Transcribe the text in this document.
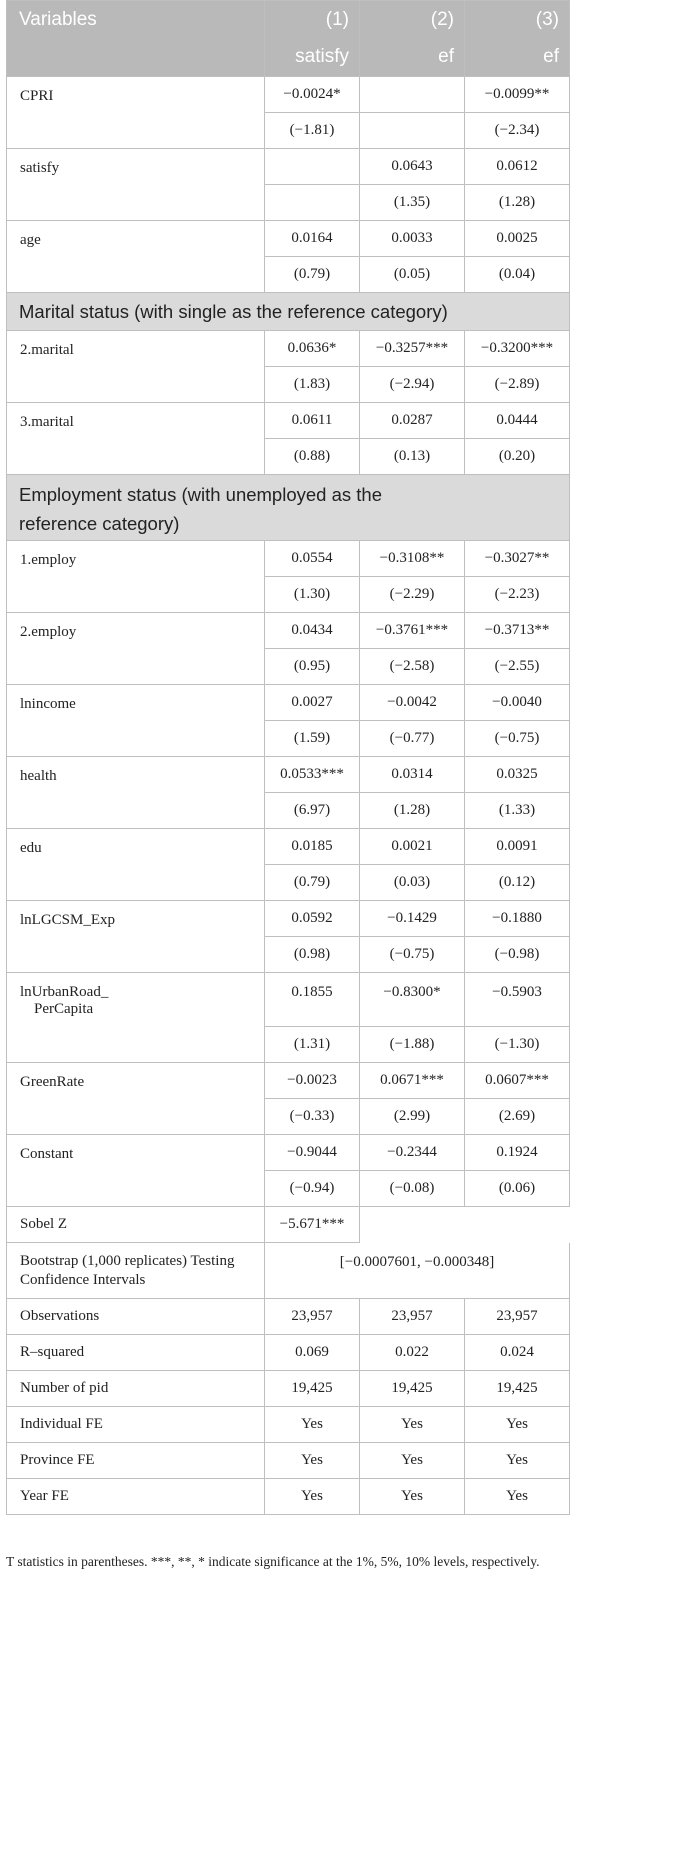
Variables	(1)	(2)	(3)
	satisfy	ef	ef
CPRI	−0.0024*		−0.0099**
	(−1.81)		(−2.34)
satisfy		0.0643	0.0612
		(1.35)	(1.28)
age	0.0164	0.0033	0.0025
	(0.79)	(0.05)	(0.04)
Marital status (with single as the reference category)			
2.marital	0.0636*	−0.3257***	−0.3200***
	(1.83)	(−2.94)	(−2.89)
3.marital	0.0611	0.0287	0.0444
	(0.88)	(0.13)	(0.20)
Employment status (with unemployed as the
reference category)			
1.employ	0.0554	−0.3108**	−0.3027**
	(1.30)	(−2.29)	(−2.23)
2.employ	0.0434	−0.3761***	−0.3713**
	(0.95)	(−2.58)	(−2.55)
lnincome	0.0027	−0.0042	−0.0040
	(1.59)	(−0.77)	(−0.75)
health	0.0533***	0.0314	0.0325
	(6.97)	(1.28)	(1.33)
edu	0.0185	0.0021	0.0091
	(0.79)	(0.03)	(0.12)
lnLGCSM_Exp	0.0592	−0.1429	−0.1880
	(0.98)	(−0.75)	(−0.98)
lnUrbanRoad_
PerCapita	0.1855	−0.8300*	−0.5903
	(1.31)	(−1.88)	(−1.30)
GreenRate	−0.0023	0.0671***	0.0607***
	(−0.33)	(2.99)	(2.69)
Constant	−0.9044	−0.2344	0.1924
	(−0.94)	(−0.08)	(0.06)
Sobel Z	−5.671***		
Bootstrap (1,000 replicates) Testing
Confidence Intervals	[−0.0007601, −0.000348]		
Observations	23,957	23,957	23,957
R–squared	0.069	0.022	0.024
Number of pid	19,425	19,425	19,425
Individual FE	Yes	Yes	Yes
Province FE	Yes	Yes	Yes
Year FE	Yes	Yes	Yes
T statistics in parentheses. ***, **, * indicate significance at the 1%, 5%, 10% levels, respectively.
